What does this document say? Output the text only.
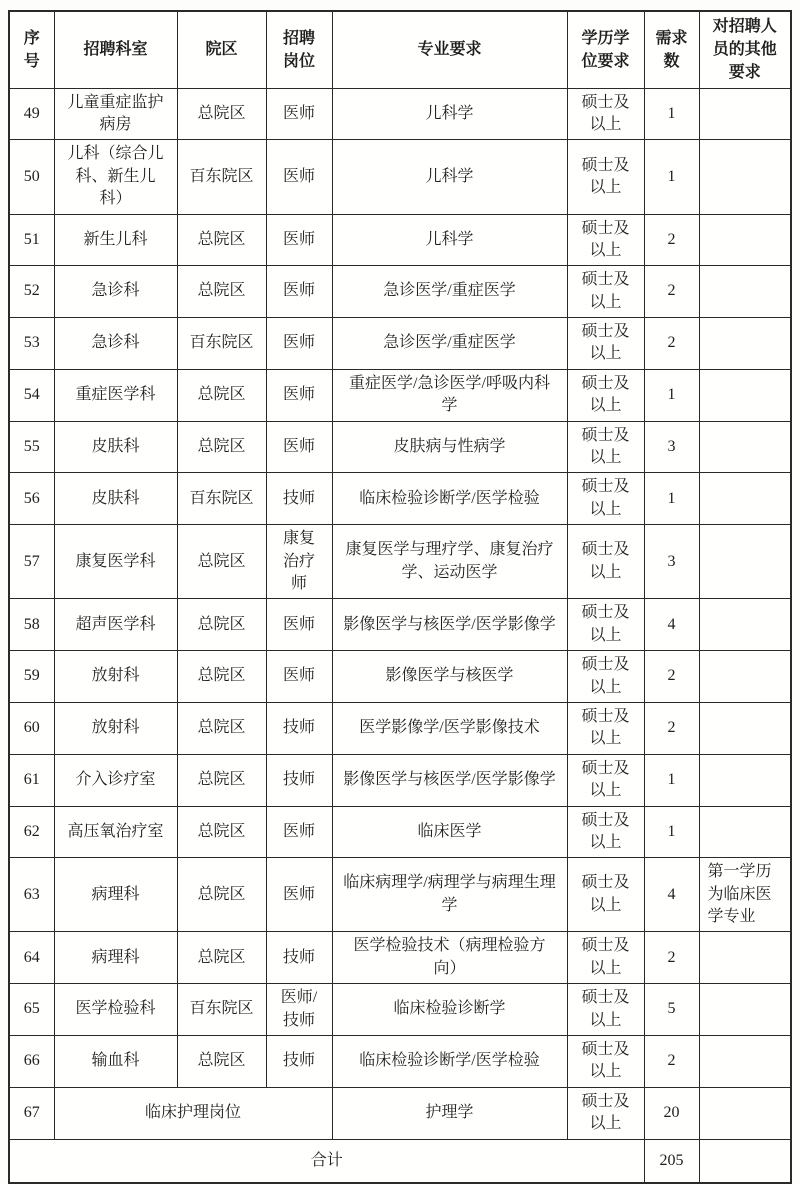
序号	招聘科室	院区	招聘岗位	专业要求	学历学位要求	需求数	对招聘人员的其他要求
49	儿童重症监护病房	总院区	医师	儿科学	硕士及以上	1	
50	儿科（综合儿科、新生儿科）	百东院区	医师	儿科学	硕士及以上	1	
51	新生儿科	总院区	医师	儿科学	硕士及以上	2	
52	急诊科	总院区	医师	急诊医学/重症医学	硕士及以上	2	
53	急诊科	百东院区	医师	急诊医学/重症医学	硕士及以上	2	
54	重症医学科	总院区	医师	重症医学/急诊医学/呼吸内科学	硕士及以上	1	
55	皮肤科	总院区	医师	皮肤病与性病学	硕士及以上	3	
56	皮肤科	百东院区	技师	临床检验诊断学/医学检验	硕士及以上	1	
57	康复医学科	总院区	康复治疗师	康复医学与理疗学、康复治疗学、运动医学	硕士及以上	3	
58	超声医学科	总院区	医师	影像医学与核医学/医学影像学	硕士及以上	4	
59	放射科	总院区	医师	影像医学与核医学	硕士及以上	2	
60	放射科	总院区	技师	医学影像学/医学影像技术	硕士及以上	2	
61	介入诊疗室	总院区	技师	影像医学与核医学/医学影像学	硕士及以上	1	
62	高压氧治疗室	总院区	医师	临床医学	硕士及以上	1	
63	病理科	总院区	医师	临床病理学/病理学与病理生理学	硕士及以上	4	第一学历为临床医学专业
64	病理科	总院区	技师	医学检验技术（病理检验方向）	硕士及以上	2	
65	医学检验科	百东院区	医师/技师	临床检验诊断学	硕士及以上	5	
66	输血科	总院区	技师	临床检验诊断学/医学检验	硕士及以上	2	
67	临床护理岗位			护理学	硕士及以上	20	
合计						205	
